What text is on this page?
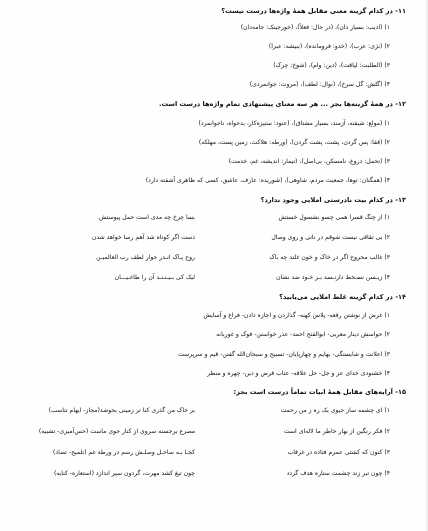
۱۱- در کدام گزینه معنی مقابل همهٔ واژه‌ها درست نیست؟
۱) (ادیب: بسیار دان)، (در حال: فعلاً)، (خورجینک: جامه‌دان)
۲) (نژی: عرب)، (خدو: فرومانده)، (نبیشه: عبرا)
۳) (الطلبت: لیاقت)، (دین: وام)، (شوخ: چرک)
۴) (گلش: گل سرخ)، (نوال: لطف)، (مروت: جوانمردی)
۱۲- در همهٔ گزینه‌ها بجز ... هر سه معنای پیشنهادی تمام واژه‌ها درست است.
۱) (مولع: شیفته، آزمند، بسیار مشتاق)، (عنود: ستیزه‌کار، بدخواه، ناجوانمرد)
۲) (قفا: پس گردن، پشت، پشت گردن)، (ورطه: هلاکت، زمین پست، مهلکه)
۳) (تحمل: دروغ، نامسکن، بی‌اصل)، (تیمار: اندیشه، غم، خدمت)
۴) (همگنان: توها، جمعیت مردم، شاوهی)، (شوریده: عارف، عاشق، کسی که ظاهری آشفته دارد)
۱۳- در کدام بیت نادرستی املایی وجود ندارد؟
۱) از چنگ قسرا همی چسو نشسول خستش
بسا چرخ چه مدی است حمل پیوستش
۲) بی تقاقی نیست شوقم در ناتی و روی وصال
دست اگر کوتاه شد آهم رسا خواهد شدن
۳) غالب محروح اگر در خاک و خون غلتد چه باک
روح پـاک انـدر جوار لطف رب العالمیـن
۴) زیـسن نسـخط دارنـسد بـر خـود ضد نشان
لیک کی بـیـنـنـد آن را طاغـیـــان
۱۴- در کدام گزینه غلط املایی می‌یابید؟
۱) غرض از نوشتن رقعه- پلاس کهنه- گذاردن و اجازه دادن- فراغ و آسایش
۲) حواسش دینار معربی- ابوالفتح احمد- عذر خواستن- فوک و غوربانه
۳) اعلانت و شایستگی- بهایم و چهارپایان- تسبیح و سبحان‌الله گفتن- قیم و سرپرست
۴) خشنودی خدای عز و جل- حل علاقه- عتاب قرض و دین- چهره و منظر
۱۵- آرایه‌های مقابل همهٔ ابیات تماماً درست است بجز:
۱) ای چشمه ساز حیوی یک ره ز من رحمت
بر خاک من گذری کنا تر زمینی بحوشد(مجاز- ایهام تناسب)
۲) فکر رنگین از بهار خاطر ما لاله‌ای است
مصرع برجسته سروی از کنار جوی ماست (حس‌آمیزی- تشبیه)
۳) کنون که کشتی عمرم فتاده در غرقاب
کجـا بـه ساحـل وصلـش رسم در ورطة غم (تلمیح- تضاد)
۴) چون تبر زند چشمت ستاره هدف گردد
چون تیغ کشد مهرت، گردون سپر اندازد (استعاره- کنایه)
